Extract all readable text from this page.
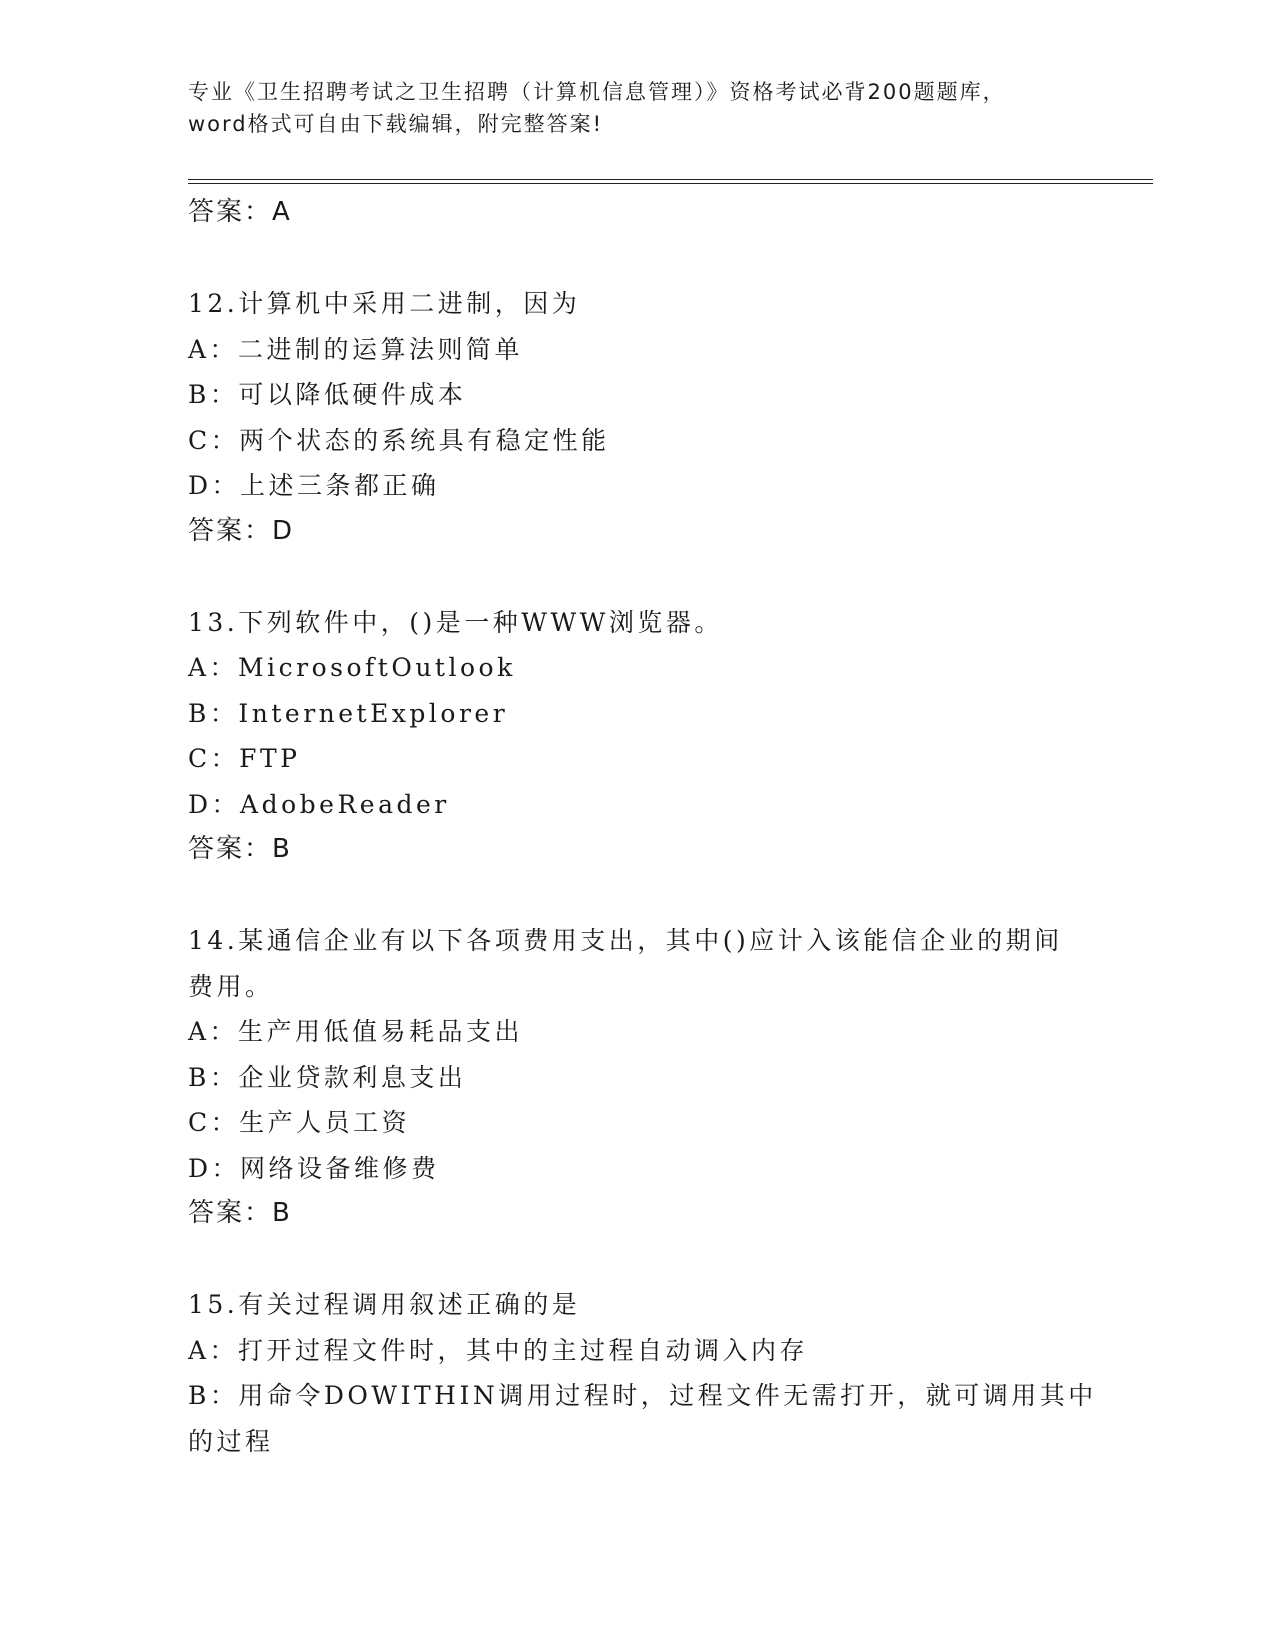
专业《卫生招聘考试之卫生招聘（计算机信息管理）》资格考试必背200题题库，
word格式可自由下载编辑，附完整答案!
答案：A
12.计算机中采用二进制，因为
A：二进制的运算法则简单
B：可以降低硬件成本
C：两个状态的系统具有稳定性能
D：上述三条都正确
答案：D
13.下列软件中，()是一种WWW浏览器。
A：MicrosoftOutlook
B：InternetExplorer
C：FTP
D：AdobeReader
答案：B
14.某通信企业有以下各项费用支出，其中()应计入该能信企业的期间
费用。
A：生产用低值易耗品支出
B：企业贷款利息支出
C：生产人员工资
D：网络设备维修费
答案：B
15.有关过程调用叙述正确的是
A：打开过程文件时，其中的主过程自动调入内存
B：用命令DOWITHIN调用过程时，过程文件无需打开，就可调用其中
的过程
